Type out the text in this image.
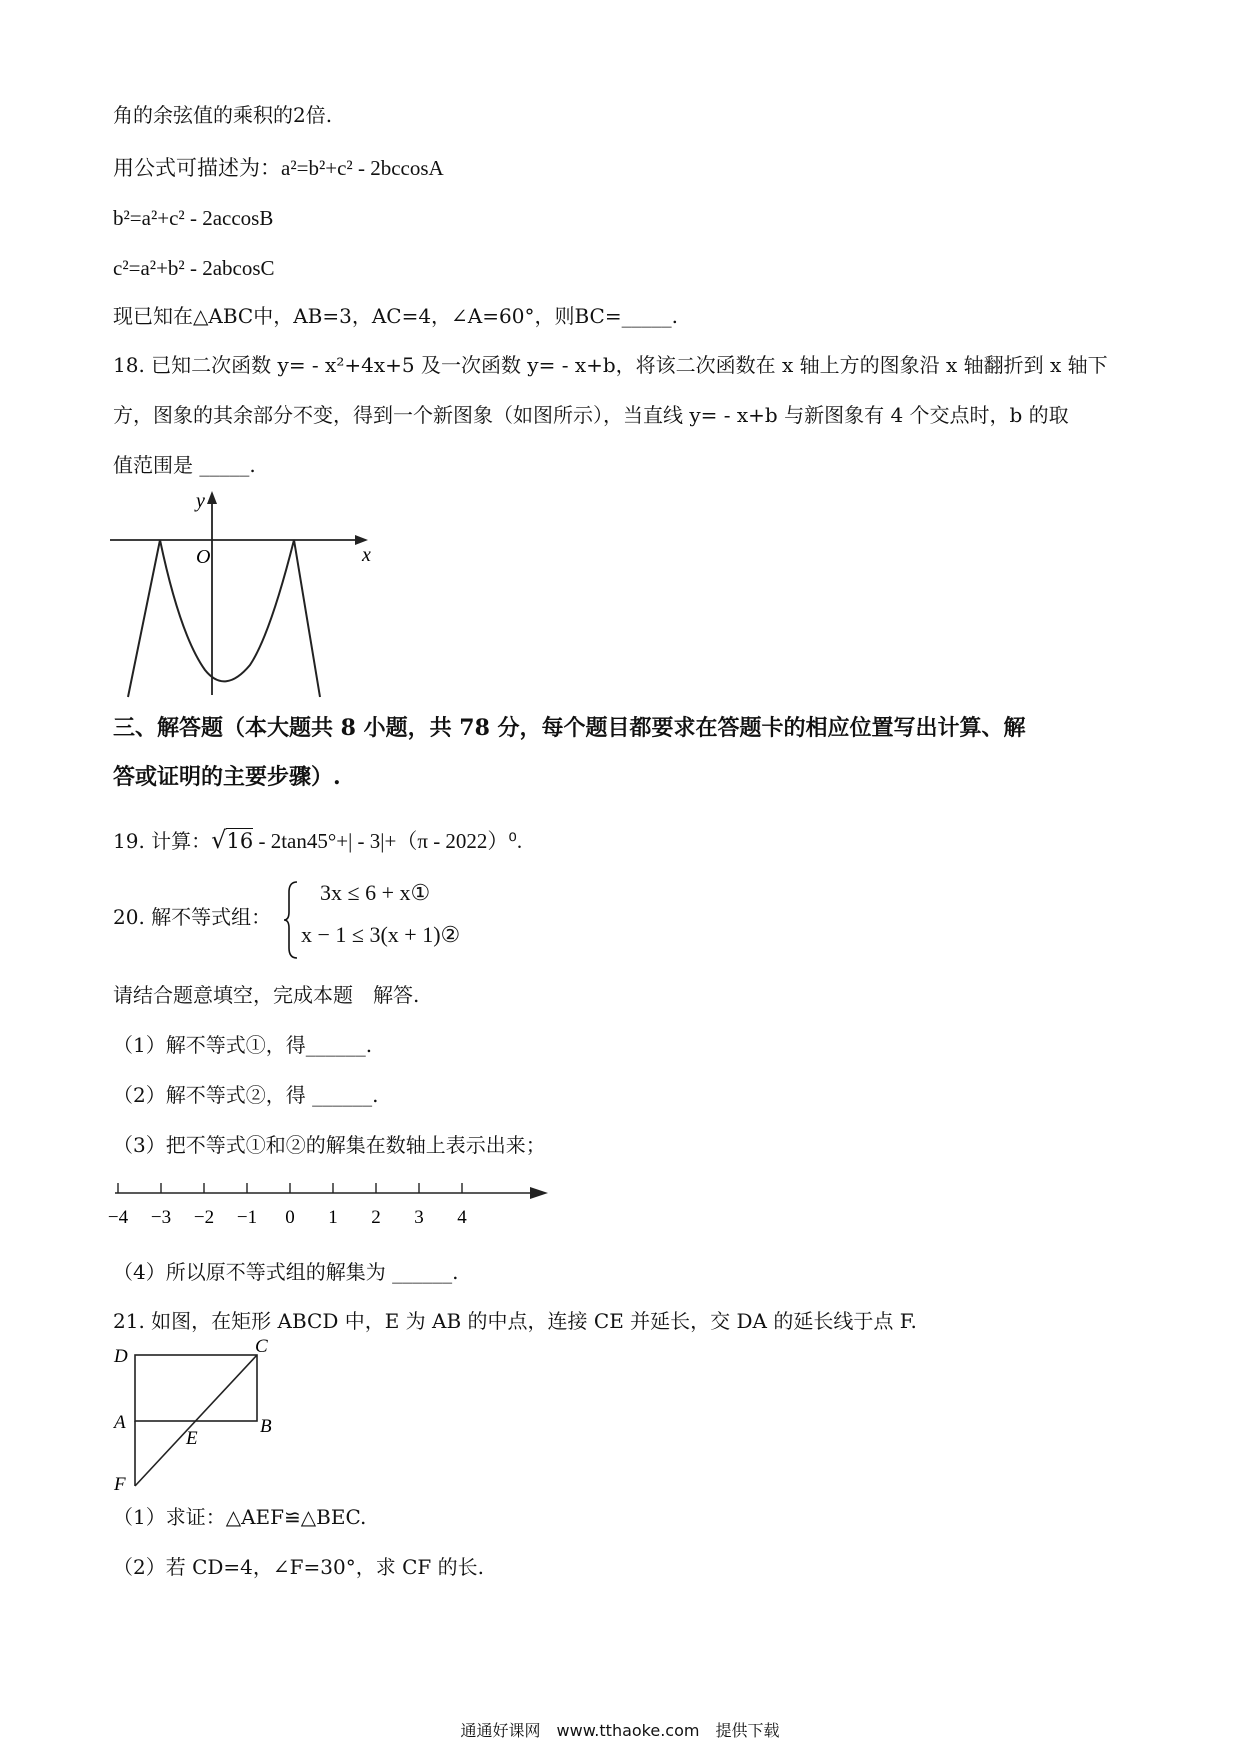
角的余弦值的乘积的2倍.
用公式可描述为：a²=b²+c² - 2bccosA
b²=a²+c² - 2accosB
c²=a²+b² - 2abcosC
现已知在△ABC中，AB=3，AC=4，∠A=60°，则BC=_____.
18. 已知二次函数 y= - x²+4x+5 及一次函数 y= - x+b，将该二次函数在 x 轴上方的图象沿 x 轴翻折到 x 轴下
方，图象的其余部分不变，得到一个新图象（如图所示），当直线 y= - x+b 与新图象有 4 个交点时，b 的取
值范围是 _____.
y
x
O
三、解答题（本大题共 8 小题，共 78 分，每个题目都要求在答题卡的相应位置写出计算、解
答或证明的主要步骤）.
19. 计算：√16 - 2tan45°+| - 3|+（π - 2022）⁰.
20. 解不等式组：
3x ≤ 6 + x①
x − 1 ≤ 3(x + 1)②
请结合题意填空，完成本题　解答.
（1）解不等式①，得______.
（2）解不等式②，得 ______.
（3）把不等式①和②的解集在数轴上表示出来；
−4 −3 −2 −1 0 1 2 3 4
（4）所以原不等式组的解集为 ______.
21. 如图，在矩形 ABCD 中，E 为 AB 的中点，连接 CE 并延长，交 DA 的延长线于点 F.
D	C
A	B
E
F
（1）求证：△AEF≌△BEC.
（2）若 CD=4，∠F=30°，求 CF 的长.
通通好课网　www.tthaoke.com　提供下载
